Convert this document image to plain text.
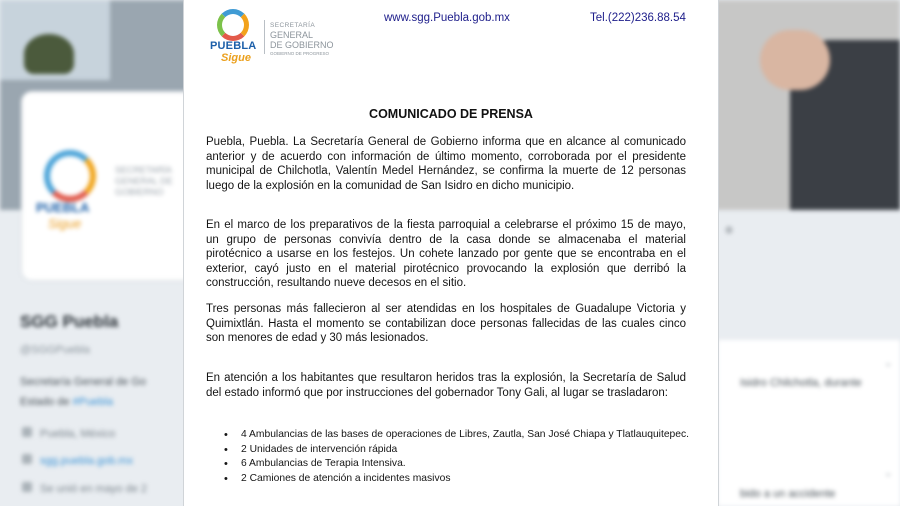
PUEBLA
Sigue
SECRETARÍA GENERAL DE GOBIERNO
SGG Puebla
@SGGPuebla
Secretaría General de Go
Estado de #Puebla
Puebla, México
sgg.puebla.gob.mx
Se unió en mayo de 2
o
Isidro Chilchotla, durante
bido a un accidente
⌄
⌄
PUEBLA
Sigue
SECRETARÍA
GENERAL
DE GOBIERNO
GOBIERNO DE PROGRESO
www.sgg.Puebla.gob.mx	Tel.(222)236.88.54
COMUNICADO DE PRENSA

Puebla, Puebla. La Secretaría General de Gobierno informa que en alcance al comunicado anterior y de acuerdo con información de último momento, corroborada por el presidente municipal de Chilchotla, Valentín Medel Hernández, se confirma la muerte de 12 personas luego de la explosión en la comunidad de San Isidro en dicho municipio.

En el marco de los preparativos de la fiesta parroquial a celebrarse el próximo 15 de mayo, un grupo de personas convivía dentro de la casa donde se almacenaba el material pirotécnico a usarse en los festejos. Un cohete lanzado por gente que se encontraba en el exterior, cayó justo en el material pirotécnico provocando la explosión que derribó la construcción, resultando nueve decesos en el sitio.

Tres personas más fallecieron al ser atendidas en los hospitales de Guadalupe Victoria y Quimixtlán. Hasta el momento se contabilizan doce personas fallecidas de las cuales cinco son menores de edad y 30 más lesionados.

En atención a los habitantes que resultaron heridos tras la explosión, la Secretaría de Salud del estado informó que por instrucciones del gobernador Tony Gali, al lugar se trasladaron:

• 4 Ambulancias de las bases de operaciones de Libres, Zautla, San José Chiapa y Tlatlauquitepec.
• 2 Unidades de intervención rápida
• 6 Ambulancias de Terapia Intensiva.
• 2 Camiones de atención a incidentes masivos
